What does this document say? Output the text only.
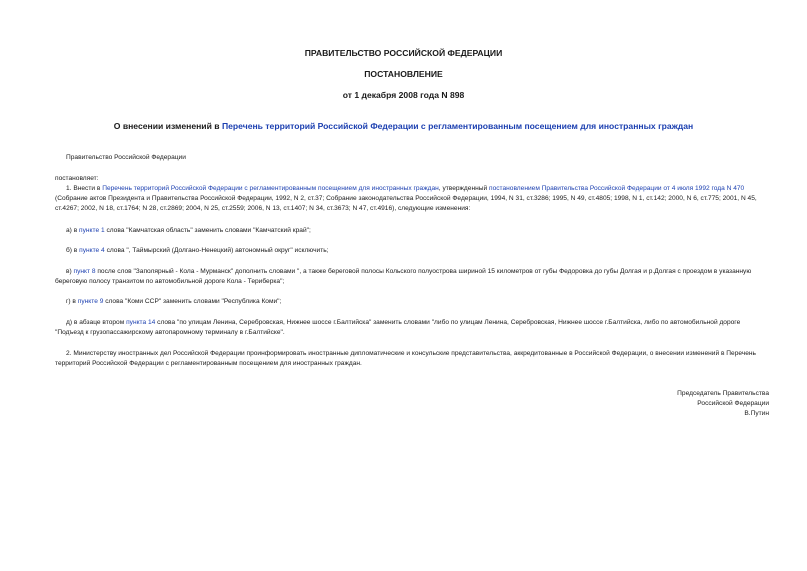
ПРАВИТЕЛЬСТВО РОССИЙСКОЙ ФЕДЕРАЦИИ
ПОСТАНОВЛЕНИЕ
от 1 декабря 2008 года N 898
О внесении изменений в Перечень территорий Российской Федерации с регламентированным посещением для иностранных граждан

Правительство Российской Федерации

постановляет:

1. Внести в Перечень территорий Российской Федерации с регламентированным посещением для иностранных граждан, утвержденный постановлением Правительства Российской Федерации от 4 июля 1992 года N 470 (Собрание актов Президента и Правительства Российской Федерации, 1992, N 2, ст.37; Собрание законодательства Российской Федерации, 1994, N 31, ст.3286; 1995, N 49, ст.4805; 1998, N 1, ст.142; 2000, N 6, ст.775; 2001, N 45, ст.4267; 2002, N 18, ст.1764; N 28, ст.2869; 2004, N 25, ст.2559; 2006, N 13, ст.1407; N 34, ст.3673; N 47, ст.4916), следующие изменения:

а) в пункте 1 слова "Камчатская область" заменить словами "Камчатский край";

б) в пункте 4 слова ", Таймырский (Долгано-Ненецкий) автономный округ" исключить;

в) пункт 8 после слов "Заполярный - Кола - Мурманск" дополнить словами ", а также береговой полосы Кольского полуострова шириной 15 километров от губы Федоровка до губы Долгая и р.Долгая с проездом в указанную береговую полосу транзитом по автомобильной дороге Кола - Териберка";

г) в пункте 9 слова "Коми ССР" заменить словами "Республика Коми";

д) в абзаце втором пункта 14 слова "по улицам Ленина, Серебровская, Нижнее шоссе г.Балтийска" заменить словами "либо по улицам Ленина, Серебровская, Нижнее шоссе г.Балтийска, либо по автомобильной дороге "Подъезд к грузопассажирскому автопаромному терминалу в г.Балтийске".

2. Министерству иностранных дел Российской Федерации проинформировать иностранные дипломатические и консульские представительства, аккредитованные в Российской Федерации, о внесении изменений в Перечень территорий Российской Федерации с регламентированным посещением для иностранных граждан.

Председатель Правительства
Российской Федерации
В.Путин
